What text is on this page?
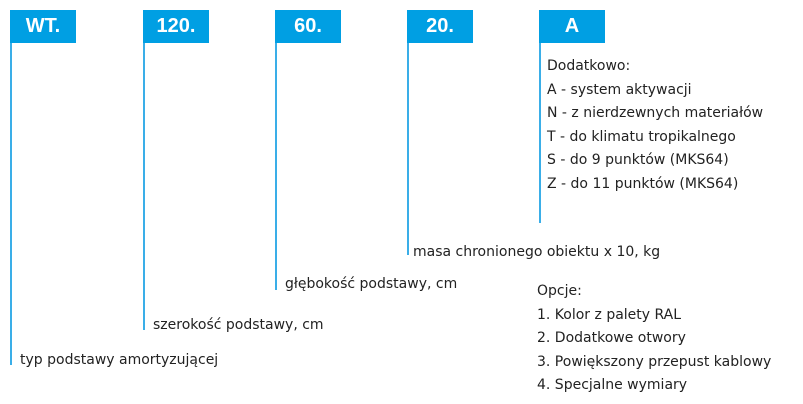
WT.
typ podstawy amortyzującej
120.
szerokość podstawy, cm
60.
głębokość podstawy, cm
20.
masa chronionego obiektu x 10, kg
A
Dodatkowo:
A - system aktywacji
N - z nierdzewnych materiałów
T - do klimatu tropikalnego
S - do 9 punktów (MKS64)
Z - do 11 punktów (MKS64)
Opcje:
1. Kolor z palety RAL
2. Dodatkowe otwory
3. Powiększony przepust kablowy
4. Specjalne wymiary
